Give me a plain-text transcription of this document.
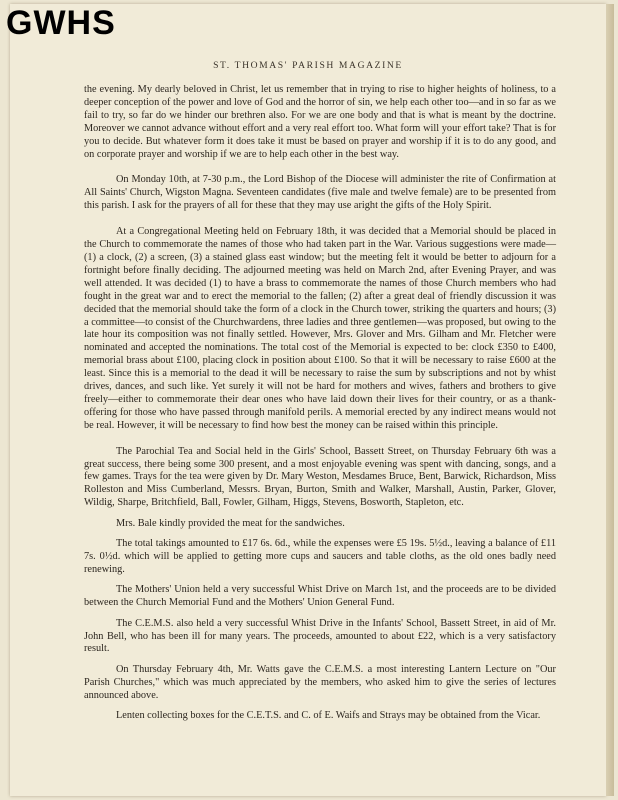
ST. THOMAS' PARISH MAGAZINE

the evening. My dearly beloved in Christ, let us remember that in trying to rise to higher heights of holiness, to a deeper conception of the power and love of God and the horror of sin, we help each other too—and in so far as we fail to try, so far do we hinder our brethren also. For we are one body and that is what is meant by the doctrine. Moreover we cannot advance without effort and a very real effort too. What form will your effort take? That is for you to decide. But whatever form it does take it must be based on prayer and worship if it is to do any good, and on corporate prayer and worship if we are to help each other in the best way.

On Monday 10th, at 7-30 p.m., the Lord Bishop of the Diocese will administer the rite of Confirmation at All Saints' Church, Wigston Magna. Seventeen candidates (five male and twelve female) are to be presented from this parish. I ask for the prayers of all for these that they may use aright the gifts of the Holy Spirit.

At a Congregational Meeting held on February 18th, it was decided that a Memorial should be placed in the Church to commemorate the names of those who had taken part in the War. Various suggestions were made—(1) a clock, (2) a screen, (3) a stained glass east window; but the meeting felt it would be better to adjourn for a fortnight before finally deciding. The adjourned meeting was held on March 2nd, after Evening Prayer, and was well attended. It was decided (1) to have a brass to commemorate the names of those Church members who had fought in the great war and to erect the memorial to the fallen; (2) after a great deal of friendly discussion it was decided that the memorial should take the form of a clock in the Church tower, striking the quarters and hours; (3) a committee—to consist of the Churchwardens, three ladies and three gentlemen—was proposed, but owing to the late hour its composition was not finally settled. However, Mrs. Glover and Mrs. Gilham and Mr. Fletcher were nominated and accepted the nominations. The total cost of the Memorial is expected to be: clock £350 to £400, memorial brass about £100, placing clock in position about £100. So that it will be necessary to raise £600 at the least. Since this is a memorial to the dead it will be necessary to raise the sum by subscriptions and not by whist drives, dances, and such like. Yet surely it will not be hard for mothers and wives, fathers and brothers to give freely—either to commemorate their dear ones who have laid down their lives for their country, or as a thank-offering for those who have passed through manifold perils. A memorial erected by any indirect means would not be real. However, it will be necessary to find how best the money can be raised within this principle.

The Parochial Tea and Social held in the Girls' School, Bassett Street, on Thursday February 6th was a great success, there being some 300 present, and a most enjoyable evening was spent with dancing, songs, and a few games. Trays for the tea were given by Dr. Mary Weston, Mesdames Bruce, Bent, Barwick, Richardson, Miss Rolleston and Miss Cumberland, Messrs. Bryan, Burton, Smith and Walker, Marshall, Austin, Parker, Glover, Wildig, Sharpe, Britchfield, Ball, Fowler, Gilham, Higgs, Stevens, Bosworth, Stapleton, etc.

Mrs. Bale kindly provided the meat for the sandwiches.

The total takings amounted to £17 6s. 6d., while the expenses were £5 19s. 5½d., leaving a balance of £11 7s. 0½d. which will be applied to getting more cups and saucers and table cloths, as the old ones badly need renewing.

The Mothers' Union held a very successful Whist Drive on March 1st, and the proceeds are to be divided between the Church Memorial Fund and the Mothers' Union General Fund.

The C.E.M.S. also held a very successful Whist Drive in the Infants' School, Bassett Street, in aid of Mr. John Bell, who has been ill for many years. The proceeds, amounted to about £22, which is a very satisfactory result.

On Thursday February 4th, Mr. Watts gave the C.E.M.S. a most interesting Lantern Lecture on "Our Parish Churches," which was much appreciated by the members, who asked him to give the series of lectures announced above.

Lenten collecting boxes for the C.E.T.S. and C. of E. Waifs and Strays may be obtained from the Vicar.

GWHS
